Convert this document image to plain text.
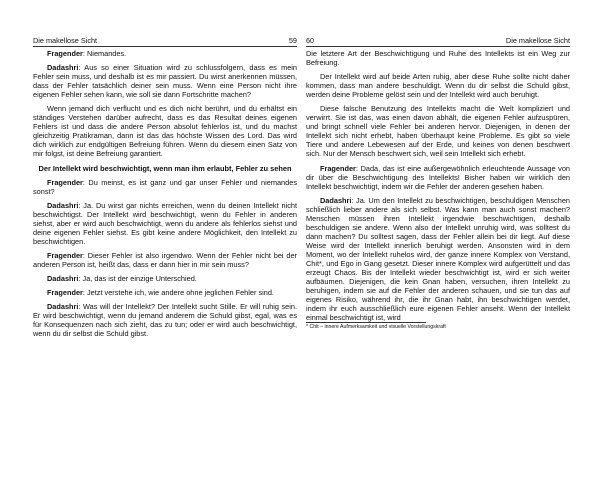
Die makellose Sicht	59

Fragender: Niemandes.

Dadashri: Aus so einer Situation wird zu schlussfolgern, dass es mein Fehler sein muss, und deshalb ist es mir passiert. Du wirst anerkennen müssen, dass der Fehler tatsächlich deiner sein muss. Wenn eine Person nicht ihre eigenen Fehler sehen kann, wie soll sie dann Fortschritte machen?

Wenn jemand dich verflucht und es dich nicht berührt, und du erhältst ein ständiges Verstehen darüber aufrecht, dass es das Resultat deines eigenen Fehlers ist und dass die andere Person absolut fehlerlos ist, und du machst gleichzeitig Pratikraman, dann ist das das höchste Wissen des Lord. Das wird dich wirklich zur endgültigen Befreiung führen. Wenn du diesem einen Satz von mir folgst, ist deine Befreiung garantiert.

Der Intellekt wird beschwichtigt, wenn man ihm erlaubt, Fehler zu sehen

Fragender: Du meinst, es ist ganz und gar unser Fehler und niemandes sonst?

Dadashri: Ja. Du wirst gar nichts erreichen, wenn du deinen Intellekt nicht beschwichtigst. Der Intellekt wird beschwichtigt, wenn du Fehler in anderen siehst, aber er wird auch beschwichtigt, wenn du andere als fehlerlos siehst und deine eigenen Fehler siehst. Es gibt keine andere Möglichkeit, den Intellekt zu beschwichtigen.

Fragender: Dieser Fehler ist also irgendwo. Wenn der Fehler nicht bei der anderen Person ist, heißt das, dass er dann hier in mir sein muss?

Dadashri: Ja, das ist der einzige Unterschied.

Fragender: Jetzt verstehe ich, wie andere ohne jeglichen Fehler sind.

Dadashri: Was will der Intellekt? Der Intellekt sucht Stille. Er will ruhig sein. Er wird beschwichtigt, wenn du jemand anderem die Schuld gibst, egal, was es für Konsequenzen nach sich zieht, das zu tun; oder er wird auch beschwichtigt, wenn du dir selbst die Schuld gibst.

60	Die makellose Sicht

Die letztere Art der Beschwichtigung und Ruhe des Intellekts ist ein Weg zur Befreiung.

Der Intellekt wird auf beide Arten ruhig, aber diese Ruhe sollte nicht daher kommen, dass man andere beschuldigt. Wenn du dir selbst die Schuld gibst, werden deine Probleme gelöst sein und der Intellekt wird auch beruhigt.

Diese falsche Benutzung des Intellekts macht die Welt kompliziert und verwirrt. Sie ist das, was einen davon abhält, die eigenen Fehler aufzuspüren, und bringt schnell viele Fehler bei anderen hervor. Diejenigen, in denen der Intellekt sich nicht erhebt, haben überhaupt keine Probleme. Es gibt so viele Tiere und andere Lebewesen auf der Erde, und keines von denen beschwert sich. Nur der Mensch beschwert sich, weil sein Intellekt sich erhebt.

Fragender: Dada, das ist eine außergewöhnlich erleuchtende Aussage von dir über die Beschwichtigung des Intellekts! Bisher haben wir wirklich den Intellekt beschwichtigt, indem wir die Fehler der anderen gesehen haben.

Dadashri: Ja. Um den Intellekt zu beschwichtigen, beschuldigen Menschen schließlich lieber andere als sich selbst. Was kann man auch sonst machen? Menschen müssen ihren Intellekt irgendwie beschwichtigen, deshalb beschuldigen sie andere. Wenn also der Intellekt unruhig wird, was solltest du dann machen? Du solltest sagen, dass der Fehler allein bei dir liegt. Auf diese Weise wird der Intellekt innerlich beruhigt werden. Ansonsten wird in dem Moment, wo der Intellekt ruhelos wird, der ganze innere Komplex von Verstand, Chit*, und Ego in Gang gesetzt. Dieser innere Komplex wird aufgerüttelt und das erzeugt Chaos. Bis der Intellekt wieder beschwichtigt ist, wird er sich weiter aufbäumen. Diejenigen, die kein Gnan haben, versuchen, ihren Intellekt zu beruhigen, indem sie auf die Fehler der anderen schauen, und sie tun das auf eigenes Risiko, während ihr, die ihr Gnan habt, ihn beschwichtigen werdet, indem ihr euch ausschließlich eure eigenen Fehler anseht. Wenn der Intellekt einmal beschwichtigt ist, wird

* Chit – innere Aufmerksamkeit und visuelle Vorstellungskraft
